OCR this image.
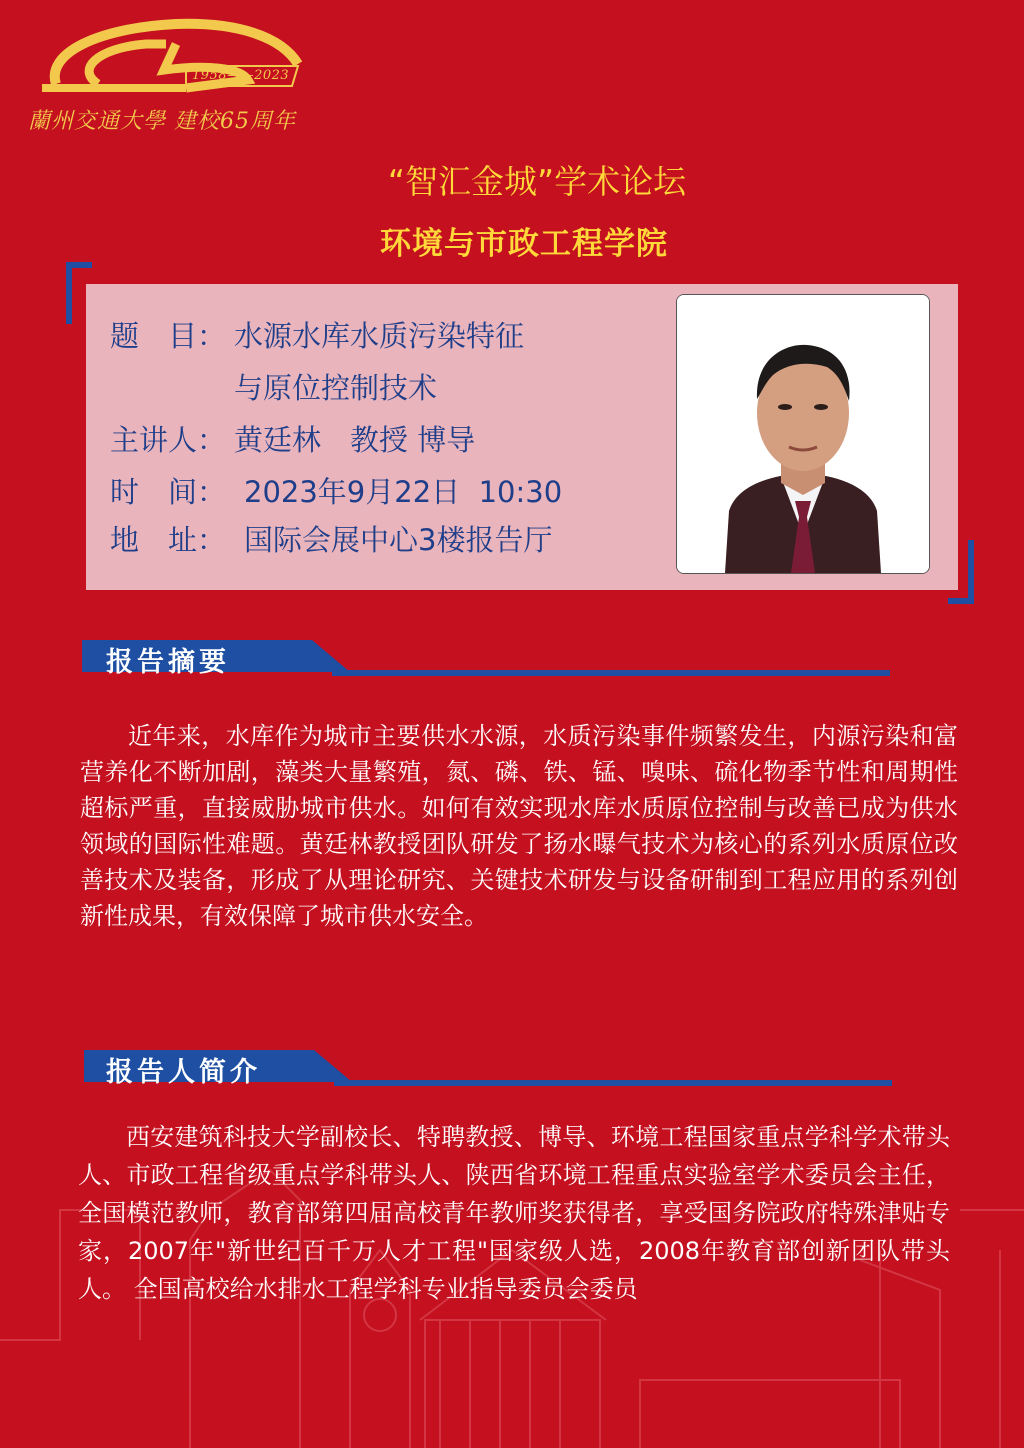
1958——2023
蘭州交通大學 建校65周年
“智汇金城”学术论坛
环境与市政工程学院
题　目： 水源水库水质污染特征
与原位控制技术
主讲人： 黄廷林　教授 博导
时　间： 2023年9月22日  10:30
地　址： 国际会展中心3楼报告厅
报告摘要

近年来，水库作为城市主要供水水源，水质污染事件频繁发生，内源污染和富营养化不断加剧，藻类大量繁殖，氮、磷、铁、锰、嗅味、硫化物季节性和周期性超标严重，直接威胁城市供水。如何有效实现水库水质原位控制与改善已成为供水领域的国际性难题。黄廷林教授团队研发了扬水曝气技术为核心的系列水质原位改善技术及装备，形成了从理论研究、关键技术研发与设备研制到工程应用的系列创新性成果，有效保障了城市供水安全。

报告人简介

西安建筑科技大学副校长、特聘教授、博导、环境工程国家重点学科学术带头人、市政工程省级重点学科带头人、陕西省环境工程重点实验室学术委员会主任，全国模范教师，教育部第四届高校青年教师奖获得者，享受国务院政府特殊津贴专家，2007年"新世纪百千万人才工程"国家级人选，2008年教育部创新团队带头人。 全国高校给水排水工程学科专业指导委员会委员
